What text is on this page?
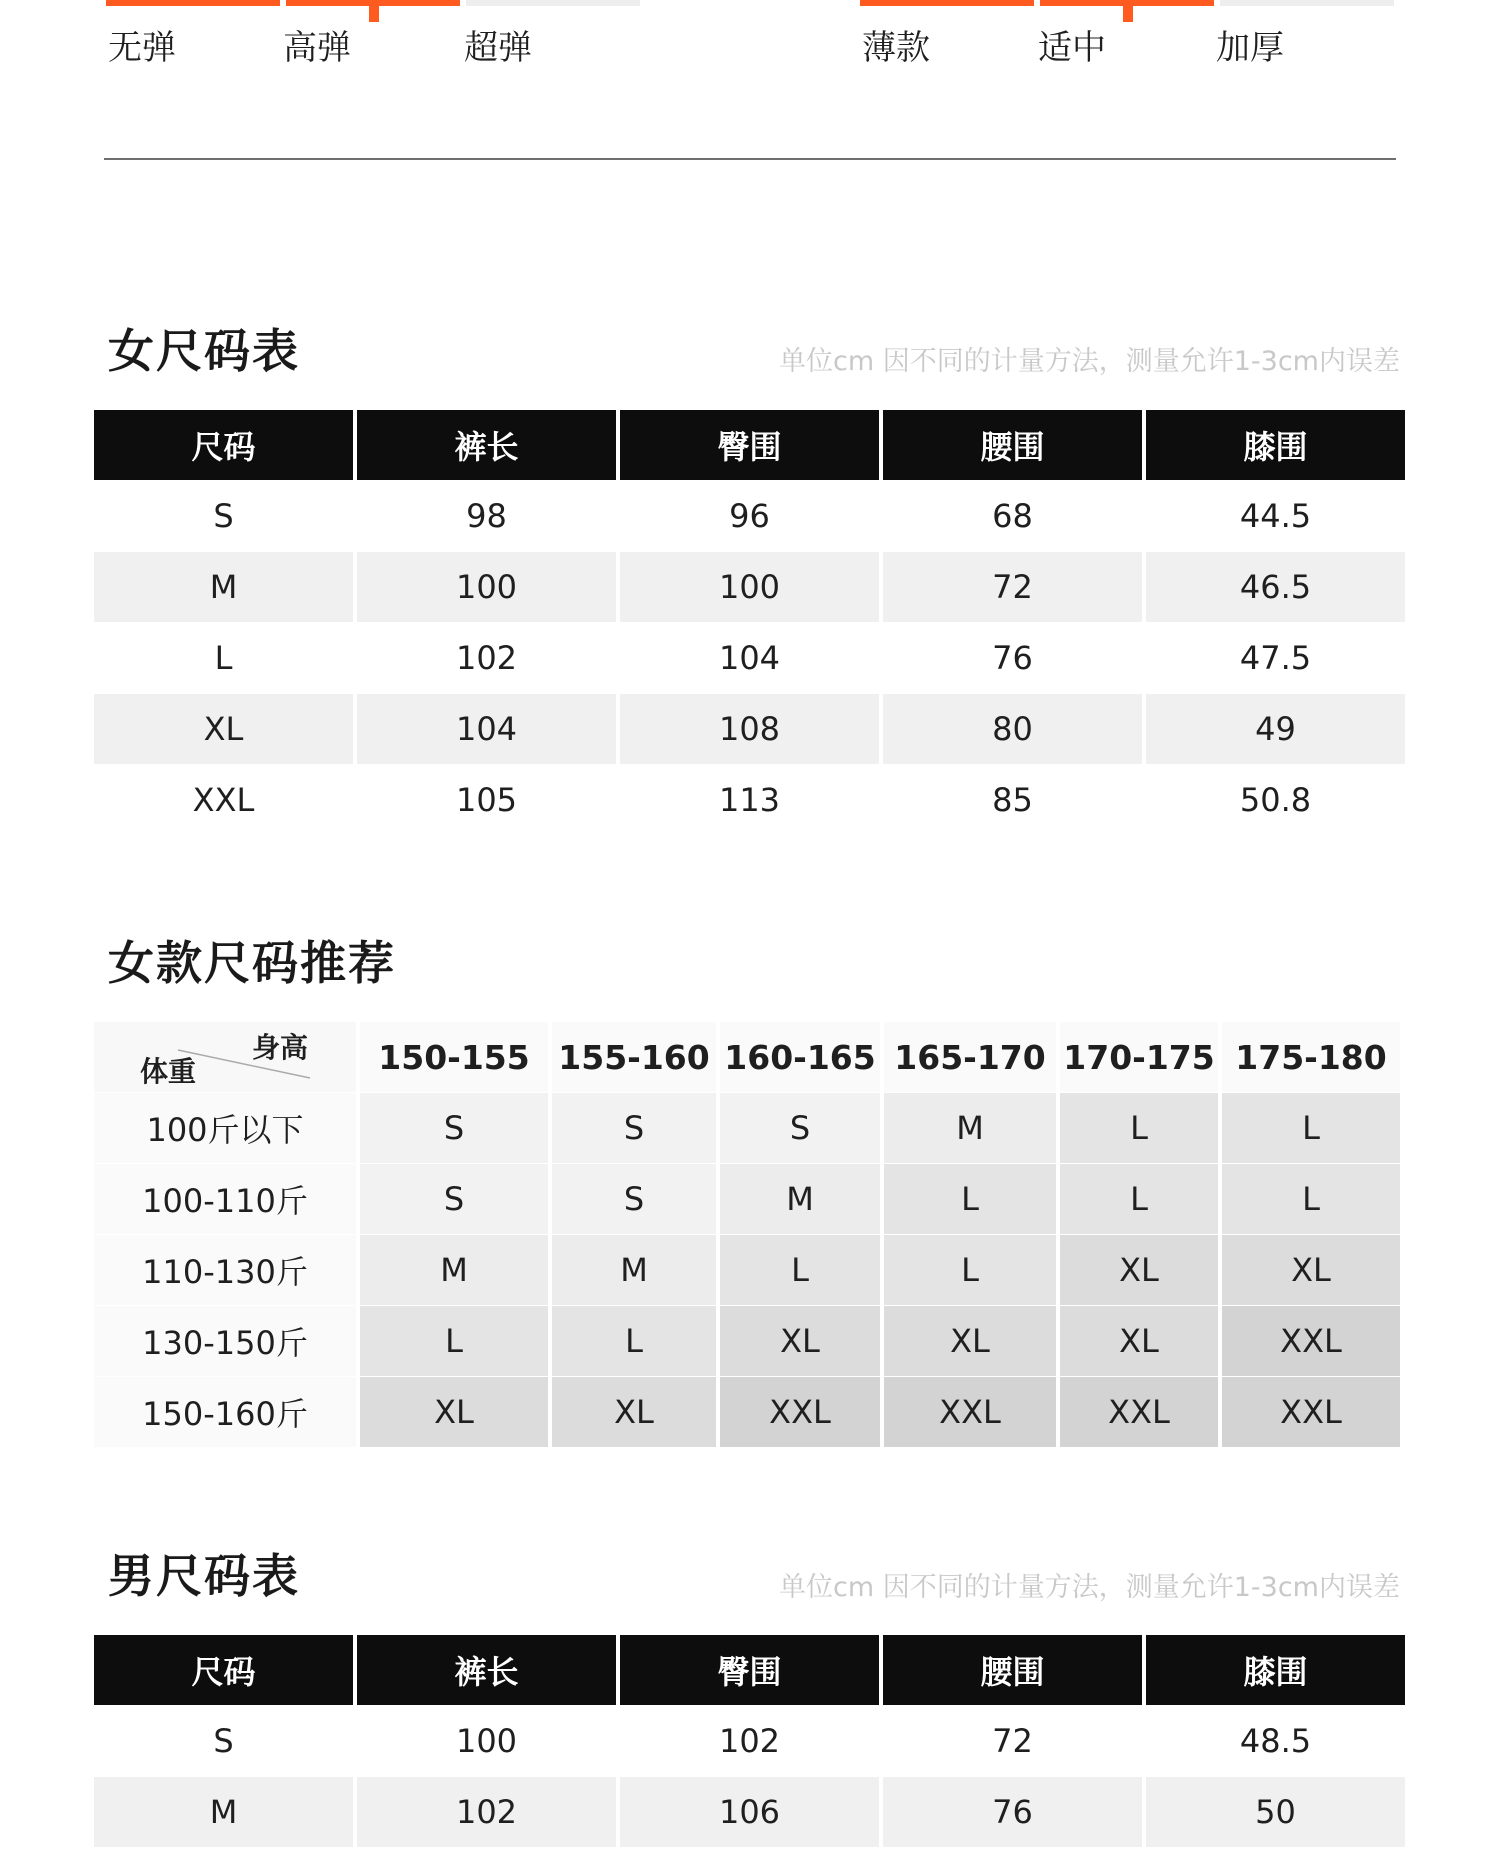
无弹	高弹	超弹	薄款	适中	加厚
女尺码表	单位cm 因不同的计量方法，测量允许1-3cm内误差
尺码	裤长	臀围	腰围	膝围
S	98	96	68	44.5
M	100	100	72	46.5
L	102	104	76	47.5
XL	104	108	80	49
XXL	105	113	85	50.8
女款尺码推荐
身高
体重	150-155 155-160 160-165 165-170 170-175 175-180
100斤以下	S	S	S	M	L	L
100-110斤	S	S	M	L	L	L
110-130斤	M	M	L	L	XL	XL
130-150斤	L	L	XL	XL	XL	XXL
150-160斤	XL	XL	XXL	XXL	XXL	XXL
男尺码表	单位cm 因不同的计量方法，测量允许1-3cm内误差
尺码	裤长	臀围	腰围	膝围
S	100	102	72	48.5
M	102	106	76	50
